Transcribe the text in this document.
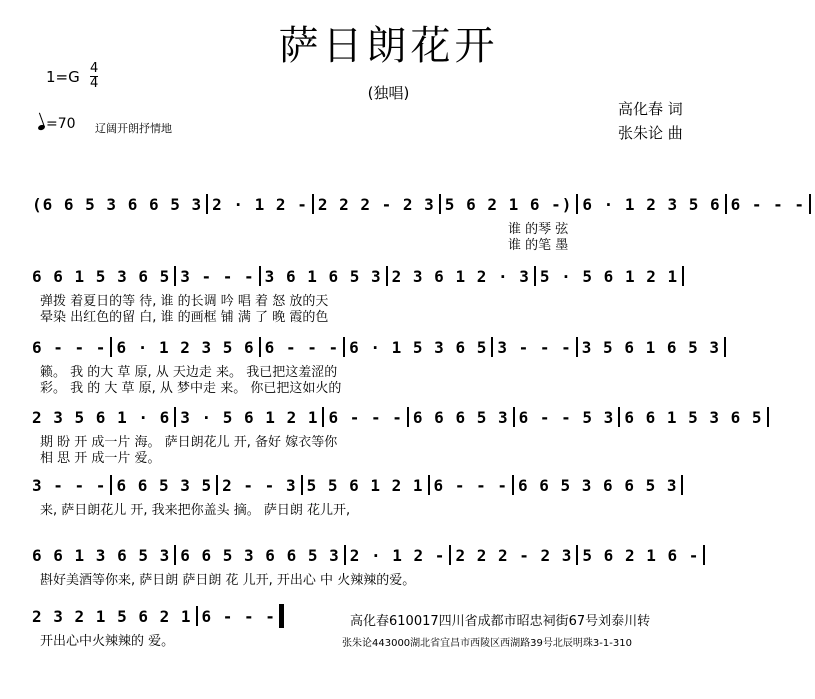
萨日朗花开
(独唱)
$1=G \frac{4}{4}$
=70 辽阔开朗抒情地
高化春 词
张朱论 曲
(6 6 5 3 6 6 5 3 2 · 1 2 - 2 2 2 - 2 3 5 6 2 1 6 -) 6 · 1 2 3 5 6 6 - - -
谁 的琴 弦
谁 的笔 墨
6 6 1 5 3 6 5 3 - - - 3 6 1 6 5 3 2 3 6 1 2 · 3 5 · 5 6 1 2 1
弹拨 着夏日的等 待, 谁 的长调 吟 唱 着 怒 放的天
晕染 出红色的留 白, 谁 的画框 铺 满 了 晚 霞的色
6 - - - 6 · 1 2 3 5 6 6 - - - 6 · 1 5 3 6 5 3 - - - 3 5 6 1 6 5 3
籁。 我 的大 草 原, 从 天边走 来。 我已把这羞涩的
彩。 我 的 大 草 原, 从 梦中走 来。 你已把这如火的
2 3 5 6 1 · 6 3 · 5 6 1 2 1 6 - - - 6 6 6 5 3 6 - - 5 3 6 6 1 5 3 6 5
期 盼 开 成一片 海。 萨日朗花儿 开, 备好 嫁衣等你
相 思 开 成一片 爱。
3 - - - 6 6 5 3 5 2 - - 3 5 5 6 1 2 1 6 - - - 6 6 5 3 6 6 5 3
来, 萨日朗花儿 开, 我来把你盖头 摘。 萨日朗 花儿开,
6 6 1 3 6 5 3 6 6 5 3 6 6 5 3 2 · 1 2 - 2 2 2 - 2 3 5 6 2 1 6 -
斟好美酒等你来, 萨日朗 萨日朗 花 儿开, 开出心 中 火辣辣的爱。
2 3 2 1 5 6 2 1 6 - - -
开出心中火辣辣的 爱。
高化春610017四川省成都市昭忠祠街67号刘泰川转
张朱论443000湖北省宜昌市西陵区西湖路39号北辰明珠3-1-310
